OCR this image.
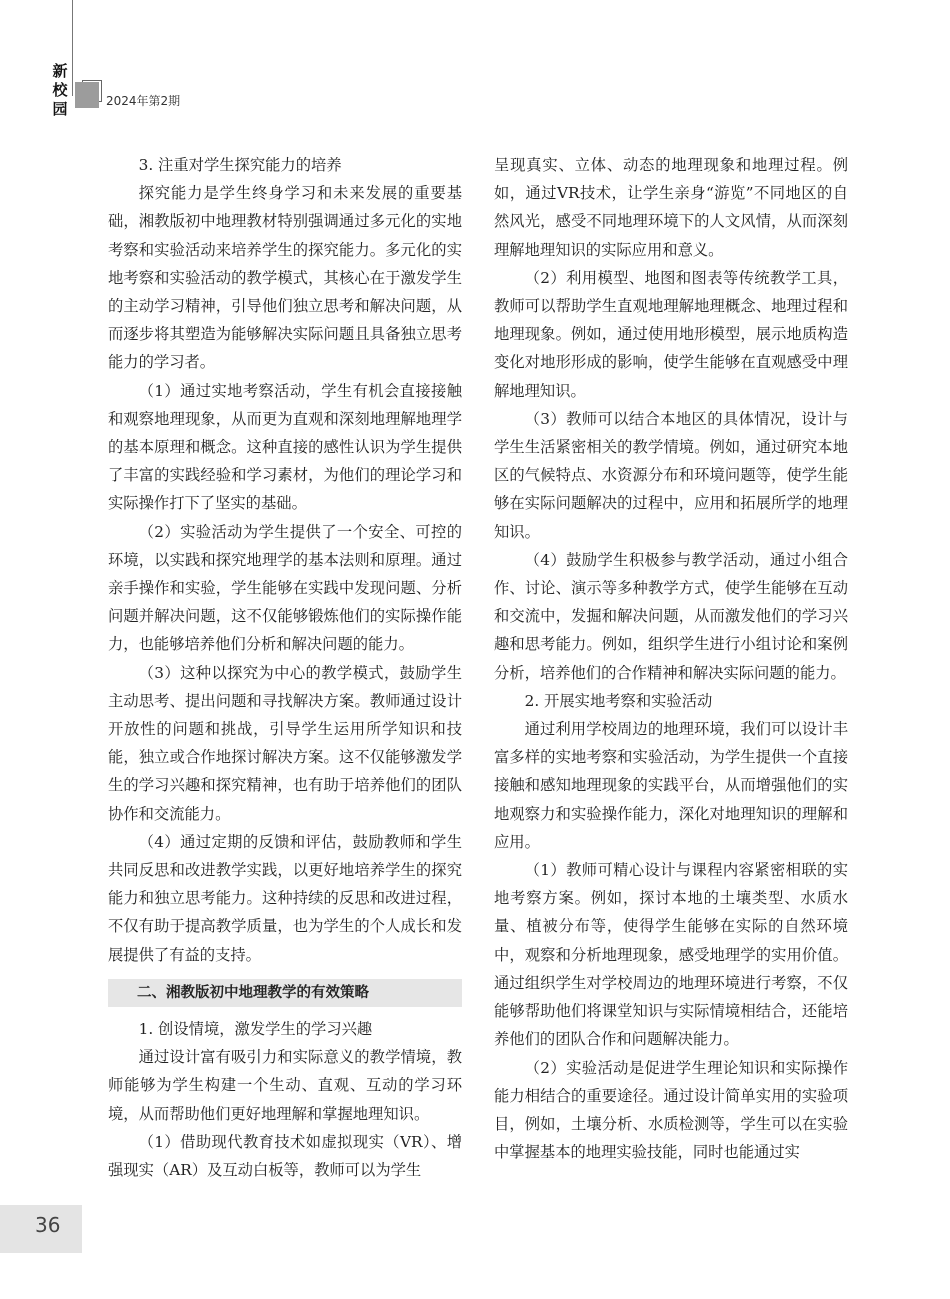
新
校
园	2024年第2期
3. 注重对学生探究能力的培养

探究能力是学生终身学习和未来发展的重要基础，湘教版初中地理教材特别强调通过多元化的实地考察和实验活动来培养学生的探究能力。多元化的实地考察和实验活动的教学模式，其核心在于激发学生的主动学习精神，引导他们独立思考和解决问题，从而逐步将其塑造为能够解决实际问题且具备独立思考能力的学习者。

（1）通过实地考察活动，学生有机会直接接触和观察地理现象，从而更为直观和深刻地理解地理学的基本原理和概念。这种直接的感性认识为学生提供了丰富的实践经验和学习素材，为他们的理论学习和实际操作打下了坚实的基础。

（2）实验活动为学生提供了一个安全、可控的环境，以实践和探究地理学的基本法则和原理。通过亲手操作和实验，学生能够在实践中发现问题、分析问题并解决问题，这不仅能够锻炼他们的实际操作能力，也能够培养他们分析和解决问题的能力。

（3）这种以探究为中心的教学模式，鼓励学生主动思考、提出问题和寻找解决方案。教师通过设计开放性的问题和挑战，引导学生运用所学知识和技能，独立或合作地探讨解决方案。这不仅能够激发学生的学习兴趣和探究精神，也有助于培养他们的团队协作和交流能力。

（4）通过定期的反馈和评估，鼓励教师和学生共同反思和改进教学实践，以更好地培养学生的探究能力和独立思考能力。这种持续的反思和改进过程，不仅有助于提高教学质量，也为学生的个人成长和发展提供了有益的支持。

二、湘教版初中地理教学的有效策略
1. 创设情境，激发学生的学习兴趣

通过设计富有吸引力和实际意义的教学情境，教师能够为学生构建一个生动、直观、互动的学习环境，从而帮助他们更好地理解和掌握地理知识。

（1）借助现代教育技术如虚拟现实（VR）、增强现实（AR）及互动白板等，教师可以为学生

呈现真实、立体、动态的地理现象和地理过程。例如，通过VR技术，让学生亲身“游览”不同地区的自然风光，感受不同地理环境下的人文风情，从而深刻理解地理知识的实际应用和意义。

（2）利用模型、地图和图表等传统教学工具，教师可以帮助学生直观地理解地理概念、地理过程和地理现象。例如，通过使用地形模型，展示地质构造变化对地形形成的影响，使学生能够在直观感受中理解地理知识。

（3）教师可以结合本地区的具体情况，设计与学生生活紧密相关的教学情境。例如，通过研究本地区的气候特点、水资源分布和环境问题等，使学生能够在实际问题解决的过程中，应用和拓展所学的地理知识。

（4）鼓励学生积极参与教学活动，通过小组合作、讨论、演示等多种教学方式，使学生能够在互动和交流中，发掘和解决问题，从而激发他们的学习兴趣和思考能力。例如，组织学生进行小组讨论和案例分析，培养他们的合作精神和解决实际问题的能力。

2. 开展实地考察和实验活动

通过利用学校周边的地理环境，我们可以设计丰富多样的实地考察和实验活动，为学生提供一个直接接触和感知地理现象的实践平台，从而增强他们的实地观察力和实验操作能力，深化对地理知识的理解和应用。

（1）教师可精心设计与课程内容紧密相联的实地考察方案。例如，探讨本地的土壤类型、水质水量、植被分布等，使得学生能够在实际的自然环境中，观察和分析地理现象，感受地理学的实用价值。通过组织学生对学校周边的地理环境进行考察，不仅能够帮助他们将课堂知识与实际情境相结合，还能培养他们的团队合作和问题解决能力。

（2）实验活动是促进学生理论知识和实际操作能力相结合的重要途径。通过设计简单实用的实验项目，例如，土壤分析、水质检测等，学生可以在实验中掌握基本的地理实验技能，同时也能通过实

36
